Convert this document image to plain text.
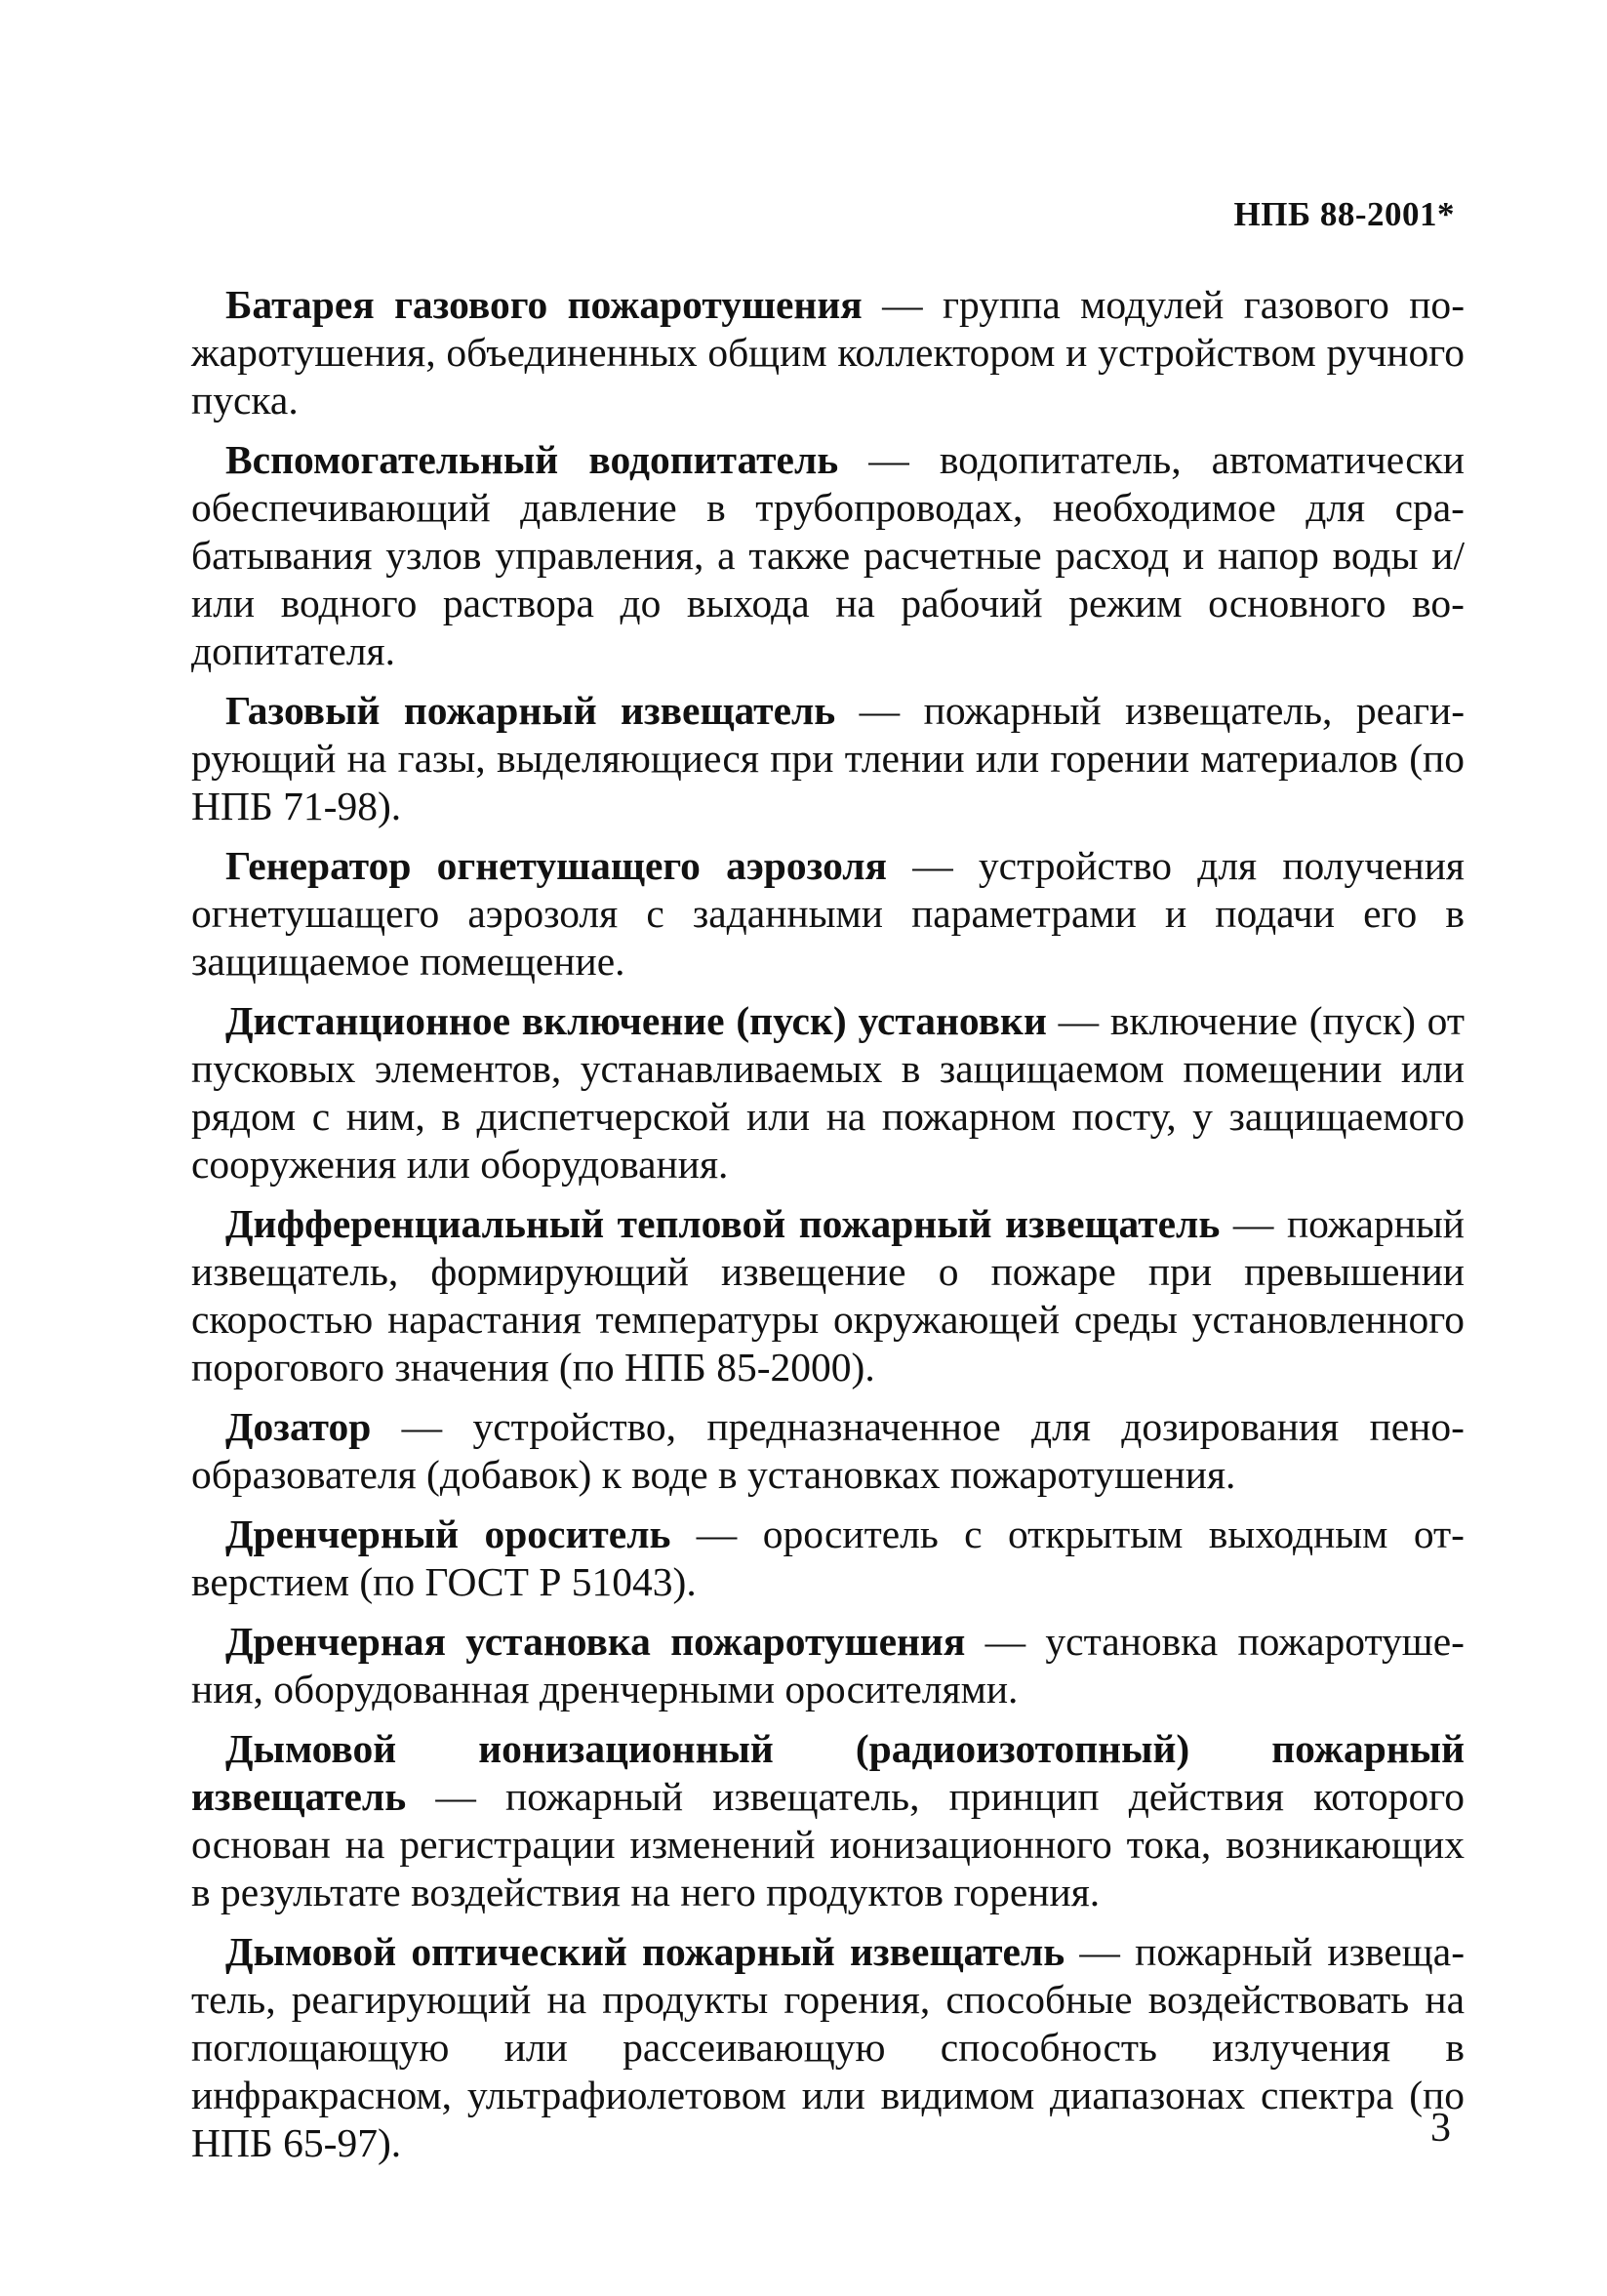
НПБ 88-2001*

Батарея газового пожаротушения — группа модулей газового пожаротушения, объединенных общим коллектором и устройством ручного пуска.

Вспомогательный водопитатель — водопитатель, автоматически обеспечивающий давление в трубопроводах, необходимое для срабатывания узлов управления, а также расчетные расход и напор воды и/или водного раствора до выхода на рабочий режим основного водопитателя.

Газовый пожарный извещатель — пожарный извещатель, реагирующий на газы, выделяющиеся при тлении или горении материалов (по НПБ 71-98).

Генератор огнетушащего аэрозоля — устройство для получения огнетушащего аэрозоля с заданными параметрами и подачи его в защищаемое помещение.

Дистанционное включение (пуск) установки — включение (пуск) от пусковых элементов, устанавливаемых в защищаемом помещении или рядом с ним, в диспетчерской или на пожарном посту, у защищаемого сооружения или оборудования.

Дифференциальный тепловой пожарный извещатель — пожарный извещатель, формирующий извещение о пожаре при превышении скоростью нарастания температуры окружающей среды установленного порогового значения (по НПБ 85-2000).

Дозатор — устройство, предназначенное для дозирования пенообразователя (добавок) к воде в установках пожаротушения.

Дренчерный ороситель — ороситель с открытым выходным отверстием (по ГОСТ Р 51043).

Дренчерная установка пожаротушения — установка пожаротушения, оборудованная дренчерными оросителями.

Дымовой ионизационный (радиоизотопный) пожарный извещатель — пожарный извещатель, принцип действия которого основан на регистрации изменений ионизационного тока, возникающих в результате воздействия на него продуктов горения.

Дымовой оптический пожарный извещатель — пожарный извещатель, реагирующий на продукты горения, способные воздействовать на поглощающую или рассеивающую способность излучения в инфракрасном, ультрафиолетовом или видимом диапазонах спектра (по НПБ 65-97).	3
